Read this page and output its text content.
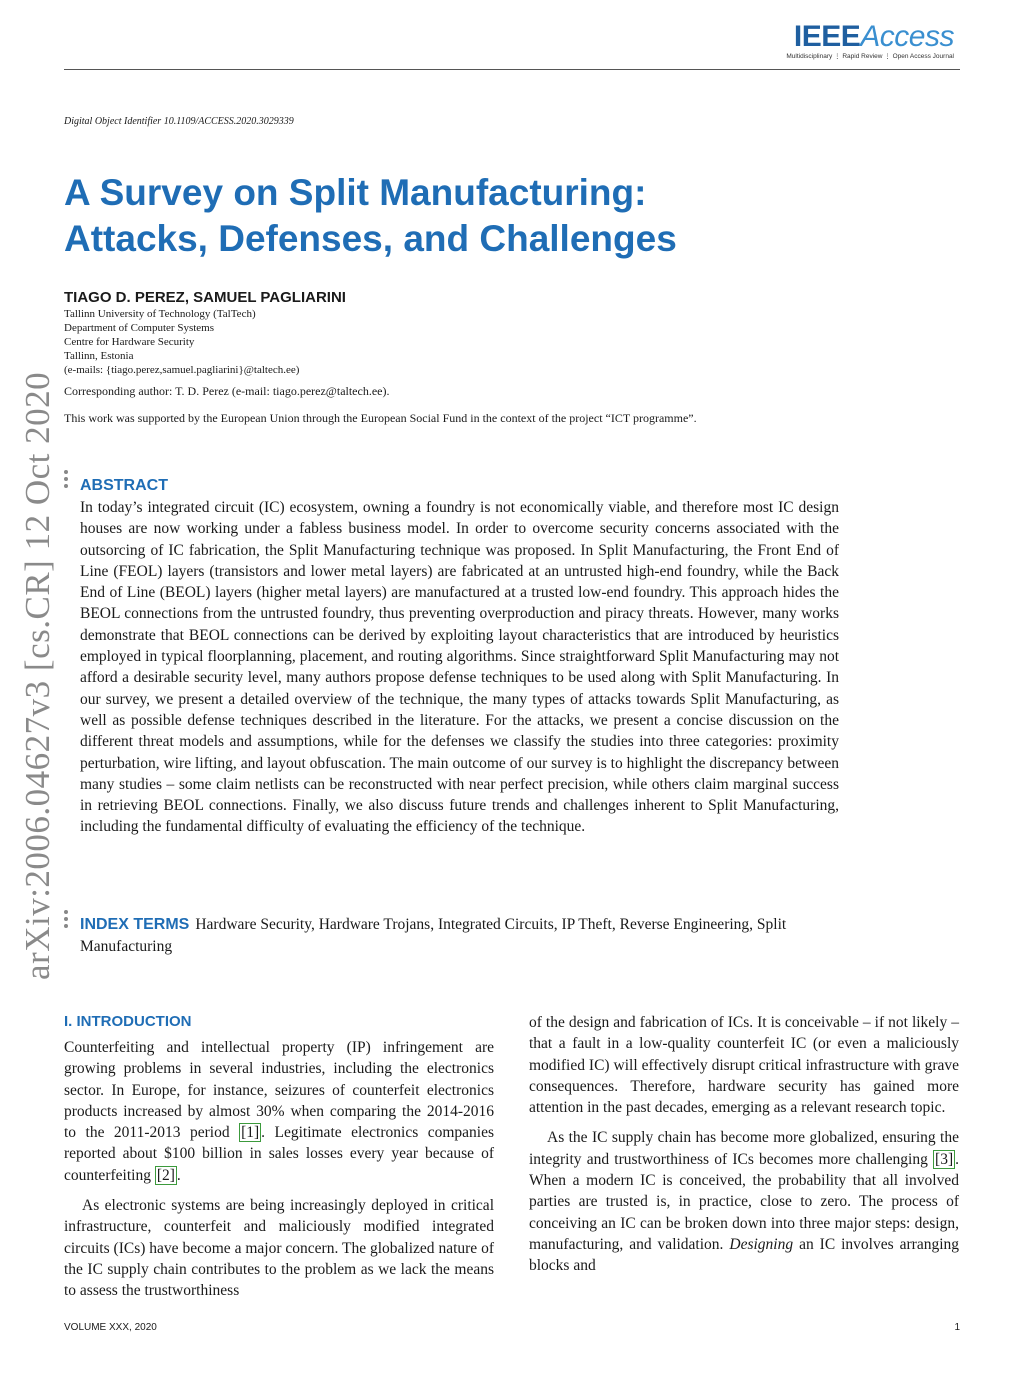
IEEEAccess
Multidisciplinary ⋮ Rapid Review ⋮ Open Access Journal
Digital Object Identifier 10.1109/ACCESS.2020.3029339
A Survey on Split Manufacturing:
Attacks, Defenses, and Challenges
TIAGO D. PEREZ, SAMUEL PAGLIARINI
Tallinn University of Technology (TalTech)
Department of Computer Systems
Centre for Hardware Security
Tallinn, Estonia
(e-mails: {tiago.perez,samuel.pagliarini}@taltech.ee)
Corresponding author: T. D. Perez (e-mail: tiago.perez@taltech.ee).
This work was supported by the European Union through the European Social Fund in the context of the project “ICT programme”.
arXiv:2006.04627v3 [cs.CR] 12 Oct 2020 ABSTRACT

In today’s integrated circuit (IC) ecosystem, owning a foundry is not economically viable, and therefore most IC design houses are now working under a fabless business model. In order to overcome security concerns associated with the outsorcing of IC fabrication, the Split Manufacturing technique was proposed. In Split Manufacturing, the Front End of Line (FEOL) layers (transistors and lower metal layers) are fabricated at an untrusted high-end foundry, while the Back End of Line (BEOL) layers (higher metal layers) are manufactured at a trusted low-end foundry. This approach hides the BEOL connections from the untrusted foundry, thus preventing overproduction and piracy threats. However, many works demonstrate that BEOL connections can be derived by exploiting layout characteristics that are introduced by heuristics employed in typical floorplanning, placement, and routing algorithms. Since straightforward Split Manufacturing may not afford a desirable security level, many authors propose defense techniques to be used along with Split Manufacturing. In our survey, we present a detailed overview of the technique, the many types of attacks towards Split Manufacturing, as well as possible defense techniques described in the literature. For the attacks, we present a concise discussion on the different threat models and assumptions, while for the defenses we classify the studies into three categories: proximity perturbation, wire lifting, and layout obfuscation. The main outcome of our survey is to highlight the discrepancy between many studies – some claim netlists can be reconstructed with near perfect precision, while others claim marginal success in retrieving BEOL connections. Finally, we also discuss future trends and challenges inherent to Split Manufacturing, including the fundamental difficulty of evaluating the efficiency of the technique.

INDEX TERMS Hardware Security, Hardware Trojans, Integrated Circuits, IP Theft, Reverse Engineering, Split Manufacturing

I. INTRODUCTION

Counterfeiting and intellectual property (IP) infringement are growing problems in several industries, including the electronics sector. In Europe, for instance, seizures of counterfeit electronics products increased by almost 30% when comparing the 2014-2016 to the 2011-2013 period [1] . Legitimate electronics companies reported about $100 billion in sales losses every year because of counterfeiting [2] .

As electronic systems are being increasingly deployed in critical infrastructure, counterfeit and maliciously modified integrated circuits (ICs) have become a major concern. The globalized nature of the IC supply chain contributes to the problem as we lack the means to assess the trustworthiness

of the design and fabrication of ICs. It is conceivable – if not likely – that a fault in a low-quality counterfeit IC (or even a maliciously modified IC) will effectively disrupt critical infrastructure with grave consequences. Therefore, hardware security has gained more attention in the past decades, emerging as a relevant research topic.

As the IC supply chain has become more globalized, ensuring the integrity and trustworthiness of ICs becomes more challenging [3] . When a modern IC is conceived, the probability that all involved parties are trusted is, in practice, close to zero. The process of conceiving an IC can be broken down into three major steps: design, manufacturing, and validation. Designing an IC involves arranging blocks and

VOLUME XXX, 2020	1
